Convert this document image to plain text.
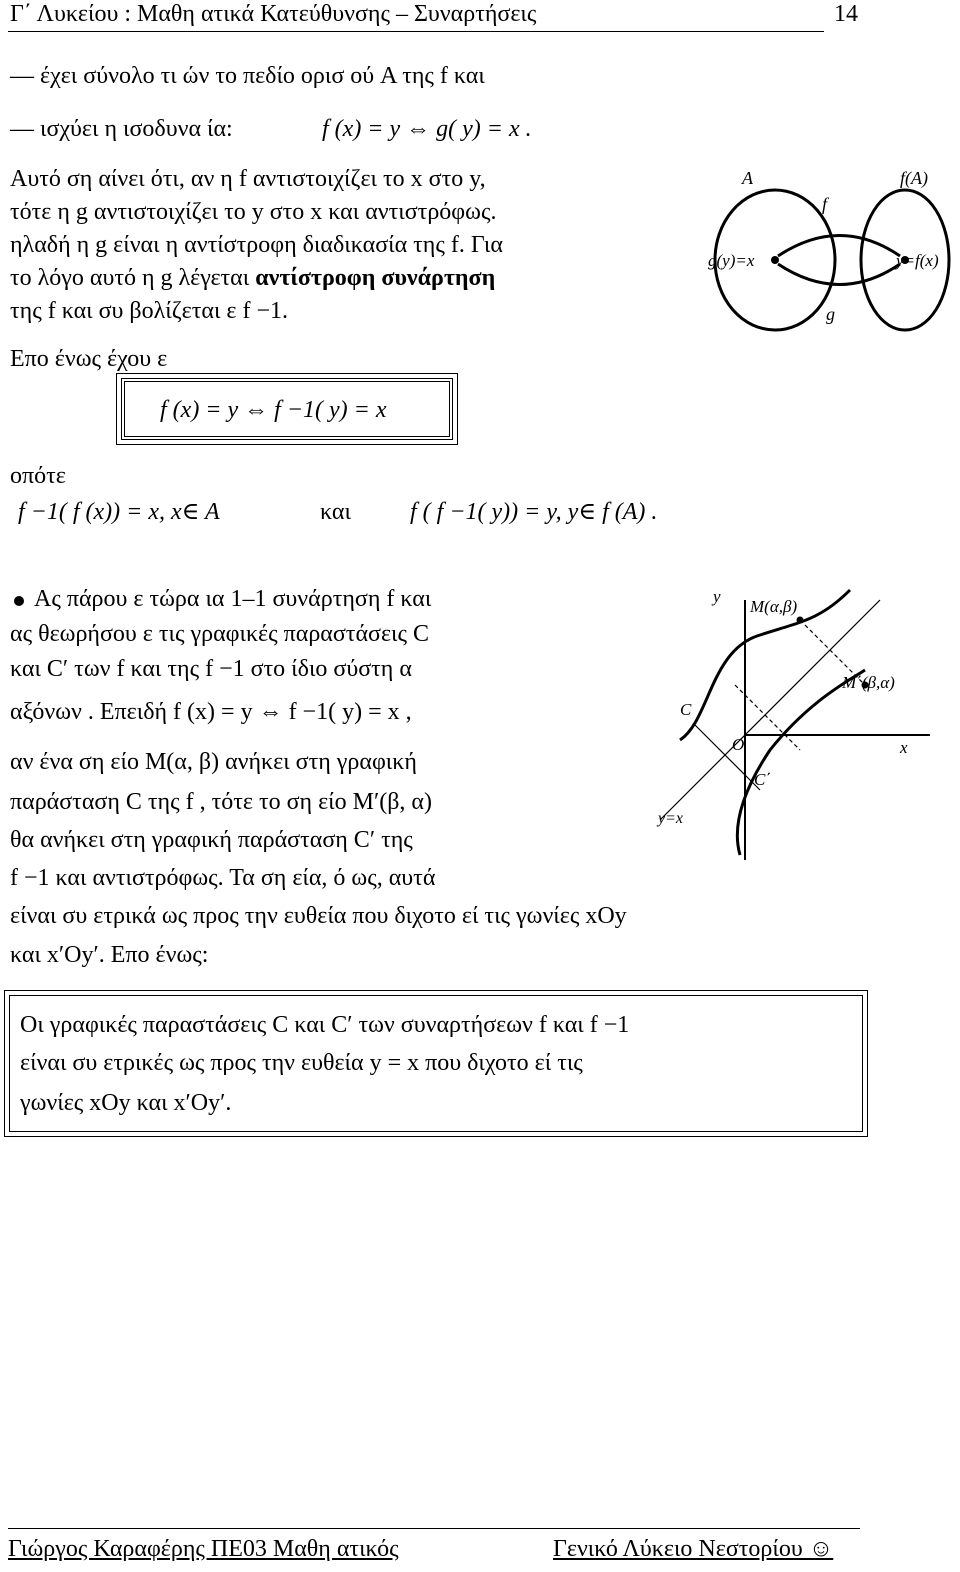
Γ΄ Λυκείου : Μαθη ατικά Κατεύθυνσης – Συναρτήσεις	14
— έχει σύνολο τι ών το πεδίο ορισ ού A της f και
— ισχύει η ισοδυνα ία:	f (x) = y ⇔ g( y) = x .
Αυτό ση αίνει ότι, αν η f αντιστοιχίζει το x στο y,
τότε η g αντιστοιχίζει το y στο x και αντιστρόφως.
ηλαδή η g είναι η αντίστροφη διαδικασία της f. Για
το λόγο αυτό η g λέγεται αντίστροφη συνάρτηση
της f και συ βολίζεται ε f −1.
A	f(A)
f
g
g(y)=x	y=f(x)
Επο ένως έχου ε
f (x) = y ⇔ f −1( y) = x
οπότε
f −1( f (x)) = x, x∈ A	και f ( f −1( y)) = y, y∈ f (A) .
Ας πάρου ε τώρα ια 1–1 συνάρτηση f και
ας θεωρήσου ε τις γραφικές παραστάσεις C
και C′ των f και της f −1 στο ίδιο σύστη α
αξόνων . Επειδή f (x) = y ⇔ f −1( y) = x ,
αν ένα ση είο M(α, β) ανήκει στη γραφική
παράσταση C της f , τότε το ση είο M′(β, α)
θα ανήκει στη γραφική παράσταση C′ της
f −1 και αντιστρόφως. Τα ση εία, ό ως, αυτά
είναι συ ετρικά ως προς την ευθεία που διχοτο εί τις γωνίες xOy
και x′Oy′. Επο ένως:
y
x
O
M(α,β)
M΄(β,α)
C
C΄
y=x
Οι γραφικές παραστάσεις C και C′ των συναρτήσεων f και f −1
είναι συ ετρικές ως προς την ευθεία y = x που διχοτο εί τις
γωνίες xOy και x′Oy′.
Γιώργος Καραφέρης ΠΕ03 Μαθη ατικός	Γενικό Λύκειο Νεστορίου ☺
